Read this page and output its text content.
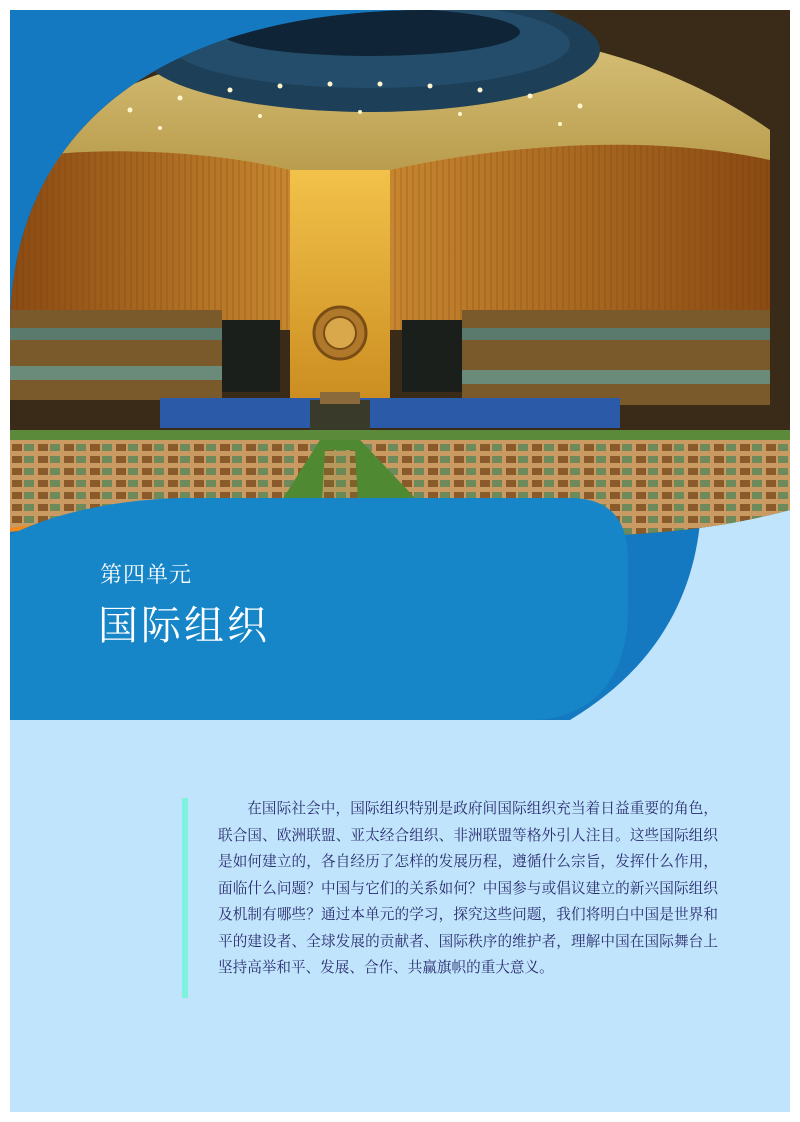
第四单元
国际组织

在国际社会中，国际组织特别是政府间国际组织充当着日益重要的角色，联合国、欧洲联盟、亚太经合组织、非洲联盟等格外引人注目。这些国际组织是如何建立的，各自经历了怎样的发展历程，遵循什么宗旨，发挥什么作用，面临什么问题？中国与它们的关系如何？中国参与或倡议建立的新兴国际组织及机制有哪些？通过本单元的学习，探究这些问题，我们将明白中国是世界和平的建设者、全球发展的贡献者、国际秩序的维护者，理解中国在国际舞台上坚持高举和平、发展、合作、共赢旗帜的重大意义。
